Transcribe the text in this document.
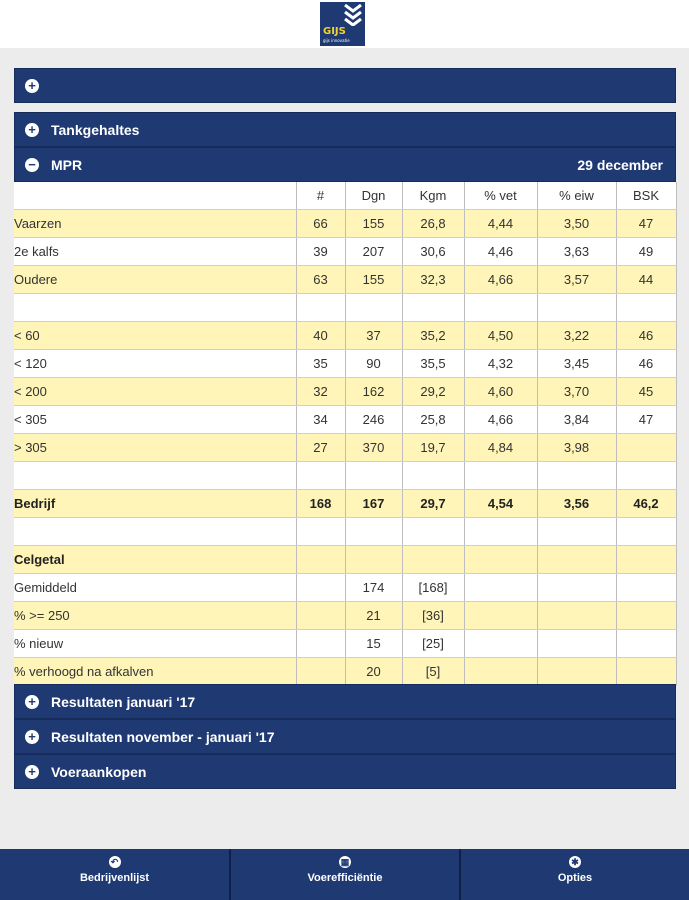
GIJS
gijs innovatie
+
+ Tankgehaltes
− MPR	29 december
	#	Dgn	Kgm	% vet	% eiw	BSK
Vaarzen	66	155	26,8	4,44	3,50	47
2e kalfs	39	207	30,6	4,46	3,63	49
Oudere	63	155	32,3	4,66	3,57	44

< 60	40	37	35,2	4,50	3,22	46
< 120	35	90	35,5	4,32	3,45	46
< 200	32	162	29,2	4,60	3,70	45
< 305	34	246	25,8	4,66	3,84	47
> 305	27	370	19,7	4,84	3,98	

Bedrijf	168	167	29,7	4,54	3,56	46,2

Celgetal						
Gemiddeld		174	[168]			
% >= 250		21	[36]			
% nieuw		15	[25]			
% verhoogd na afkalven		20	[5]			
+ Resultaten januari '17
+ Resultaten november - januari '17
+ Voeraankopen
↶
Bedrijvenlijst
▦
Voerefficiëntie
✱
Opties
